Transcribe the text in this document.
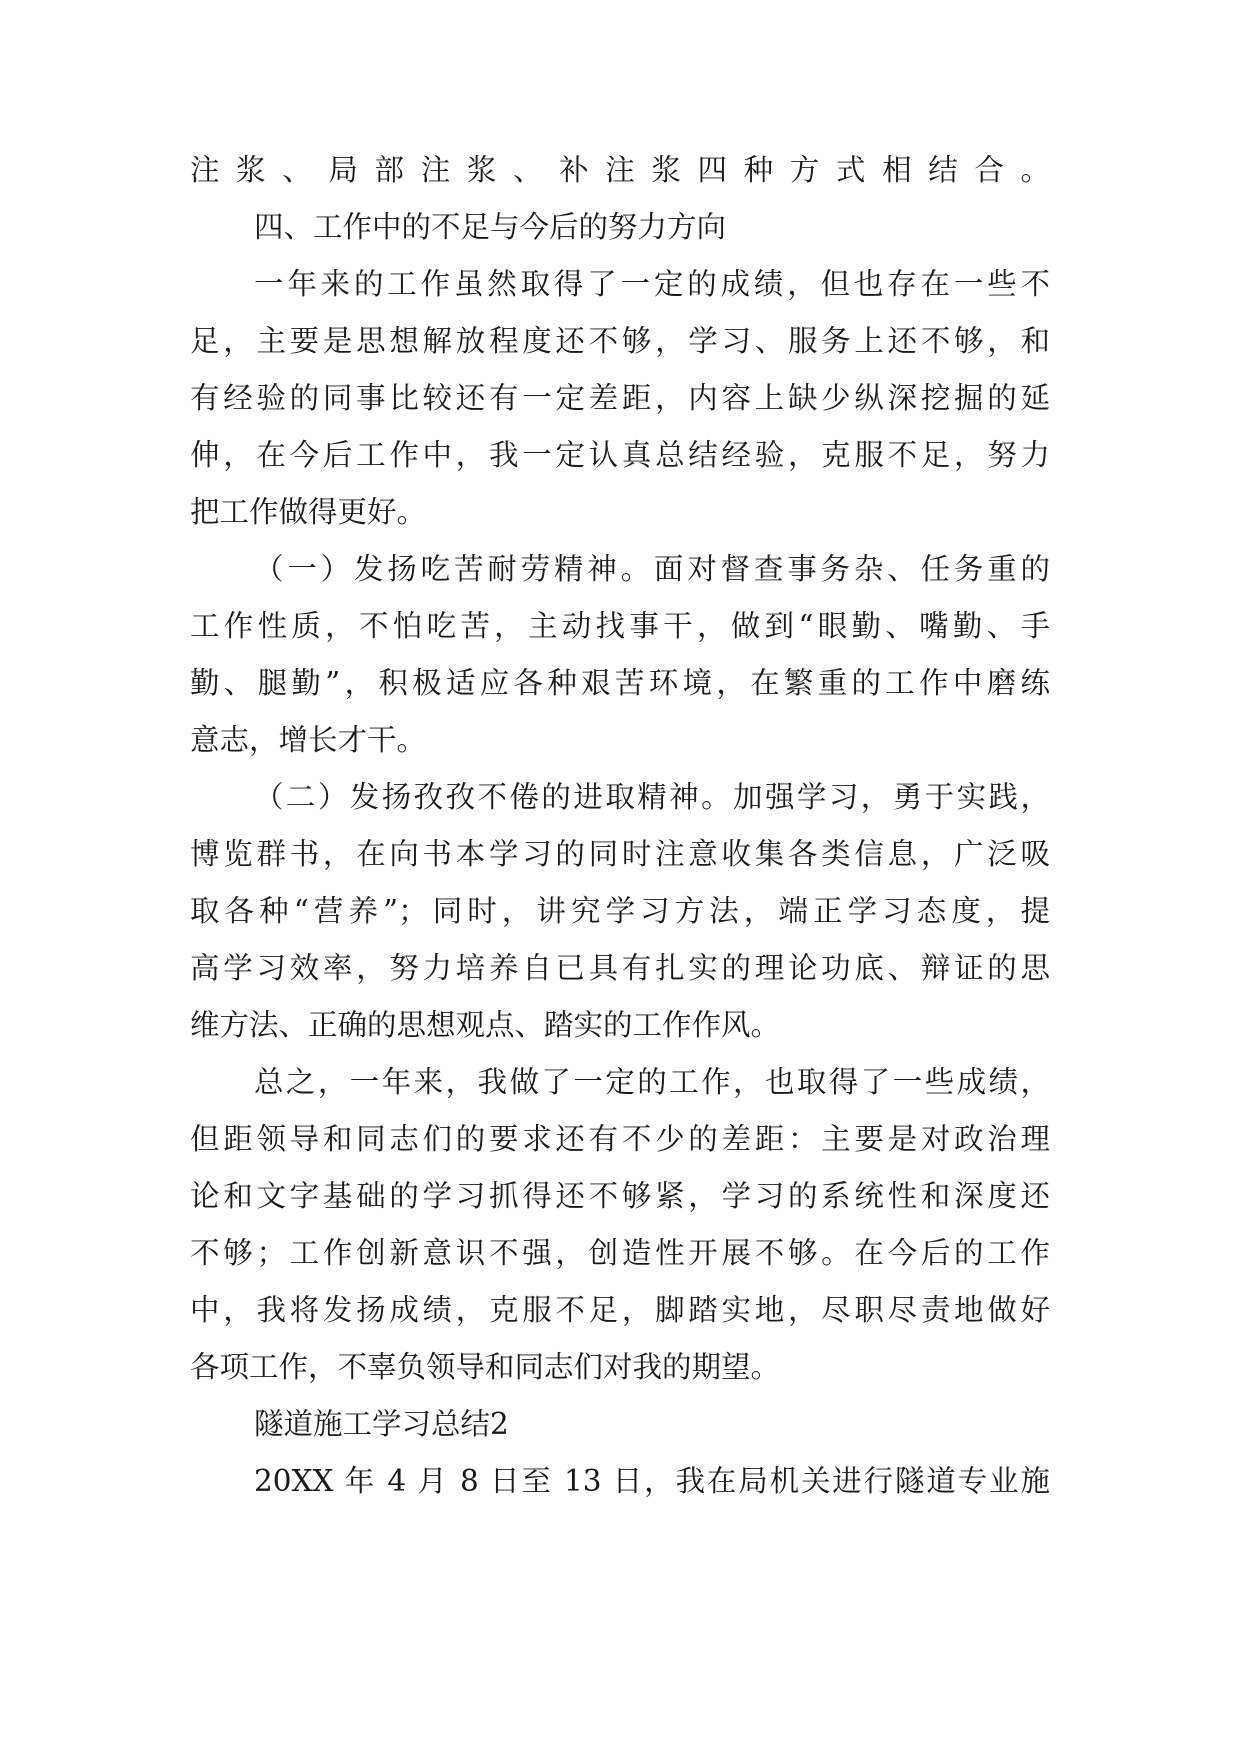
注浆、局部注浆、补注浆四种方式相结合。
四、工作中的不足与今后的努力方向
一年来的工作虽然取得了一定的成绩，但也存在一些不
足，主要是思想解放程度还不够，学习、服务上还不够，和
有经验的同事比较还有一定差距，内容上缺少纵深挖掘的延
伸，在今后工作中，我一定认真总结经验，克服不足，努力
把工作做得更好。
（一）发扬吃苦耐劳精神。面对督查事务杂、任务重的
工作性质，不怕吃苦，主动找事干，做到“眼勤、嘴勤、手
勤、腿勤”，积极适应各种艰苦环境，在繁重的工作中磨练
意志，增长才干。
（二）发扬孜孜不倦的进取精神。加强学习，勇于实践，
博览群书，在向书本学习的同时注意收集各类信息，广泛吸
取各种“营养”；同时，讲究学习方法，端正学习态度，提
高学习效率，努力培养自已具有扎实的理论功底、辩证的思
维方法、正确的思想观点、踏实的工作作风。
总之，一年来，我做了一定的工作，也取得了一些成绩，
但距领导和同志们的要求还有不少的差距：主要是对政治理
论和文字基础的学习抓得还不够紧，学习的系统性和深度还
不够；工作创新意识不强，创造性开展不够。在今后的工作
中，我将发扬成绩，克服不足，脚踏实地，尽职尽责地做好
各项工作，不辜负领导和同志们对我的期望。
隧道施工学习总结2
20XX 年 4 月 8 日至 13 日，我在局机关进行隧道专业施
